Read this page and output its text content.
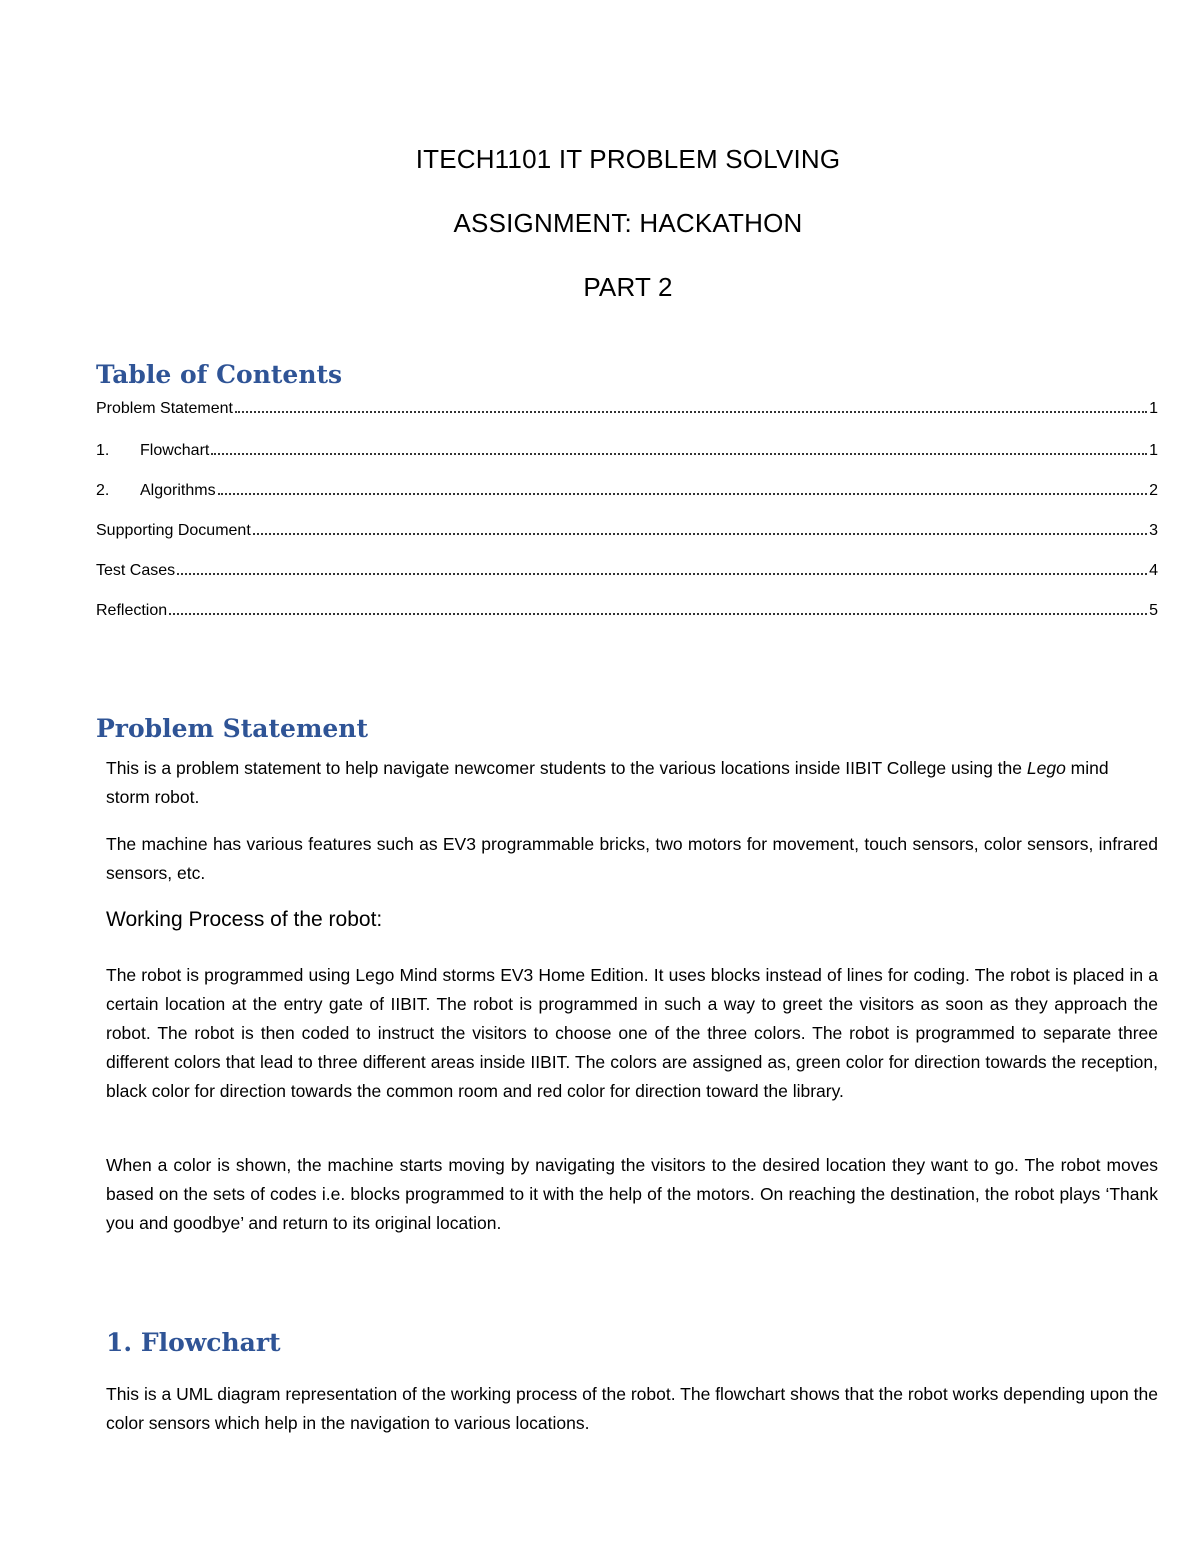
ITECH1101 IT PROBLEM SOLVING
ASSIGNMENT: HACKATHON
PART 2
Table of Contents
Problem Statement	1
1.	Flowchart	1
2.	Algorithms	2
Supporting Document	3
Test Cases	4
Reflection	5
Problem Statement
This is a problem statement to help navigate newcomer students to the various locations inside IIBIT College using the Lego mind storm robot.
The machine has various features such as EV3 programmable bricks, two motors for movement, touch sensors, color sensors, infrared sensors, etc.
Working Process of the robot:
The robot is programmed using Lego Mind storms EV3 Home Edition. It uses blocks instead of lines for coding. The robot is placed in a certain location at the entry gate of IIBIT. The robot is programmed in such a way to greet the visitors as soon as they approach the robot. The robot is then coded to instruct the visitors to choose one of the three colors. The robot is programmed to separate three different colors that lead to three different areas inside IIBIT. The colors are assigned as, green color for direction towards the reception, black color for direction towards the common room and red color for direction toward the library.
When a color is shown, the machine starts moving by navigating the visitors to the desired location they want to go. The robot moves based on the sets of codes i.e. blocks programmed to it with the help of the motors. On reaching the destination, the robot plays ‘Thank you and goodbye’ and return to its original location.
1. Flowchart
This is a UML diagram representation of the working process of the robot. The flowchart shows that the robot works depending upon the color sensors which help in the navigation to various locations.
